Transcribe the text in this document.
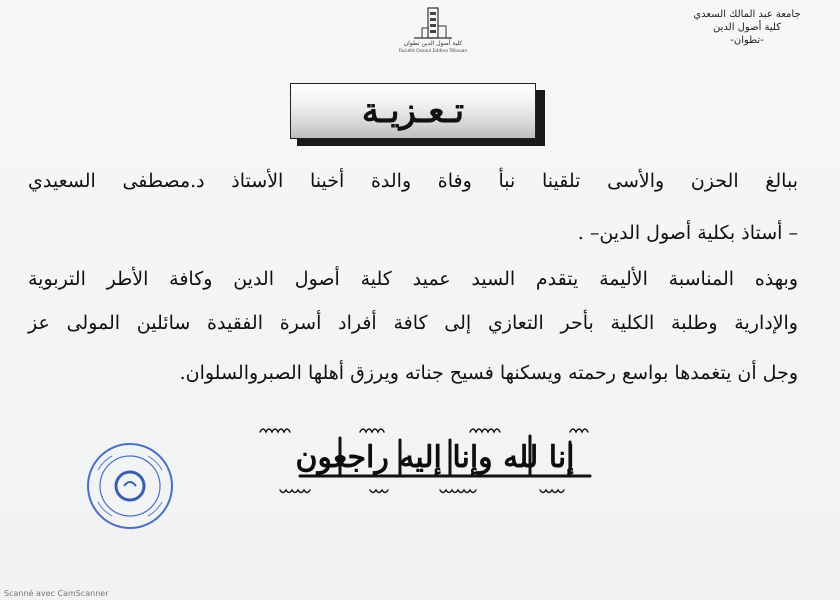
جامعة عبد المالك السعدي
كلية أصول الدين
-تطوان-
كلية أصول الدين تطوان
Faculté Ossoul Eddine Tétouan
تـعـزيـة
ببالغ الحزن والأسى تلقينا نبأ وفاة والدة أخينا الأستاذ د.مصطفى السعيدي
– أستاذ بكلية أصول الدين– .
وبهذه المناسبة الأليمة يتقدم السيد عميد كلية أصول الدين وكافة الأطر التربوية
والإدارية وطلبة الكلية بأحر التعازي إلى كافة أفراد أسرة الفقيدة سائلين المولى عز
وجل أن يتغمدها بواسع رحمته ويسكنها فسيح جناته ويرزق أهلها الصبروالسلوان.
إنا لله وإنا إليه راجعون
Scanné avec CamScanner
